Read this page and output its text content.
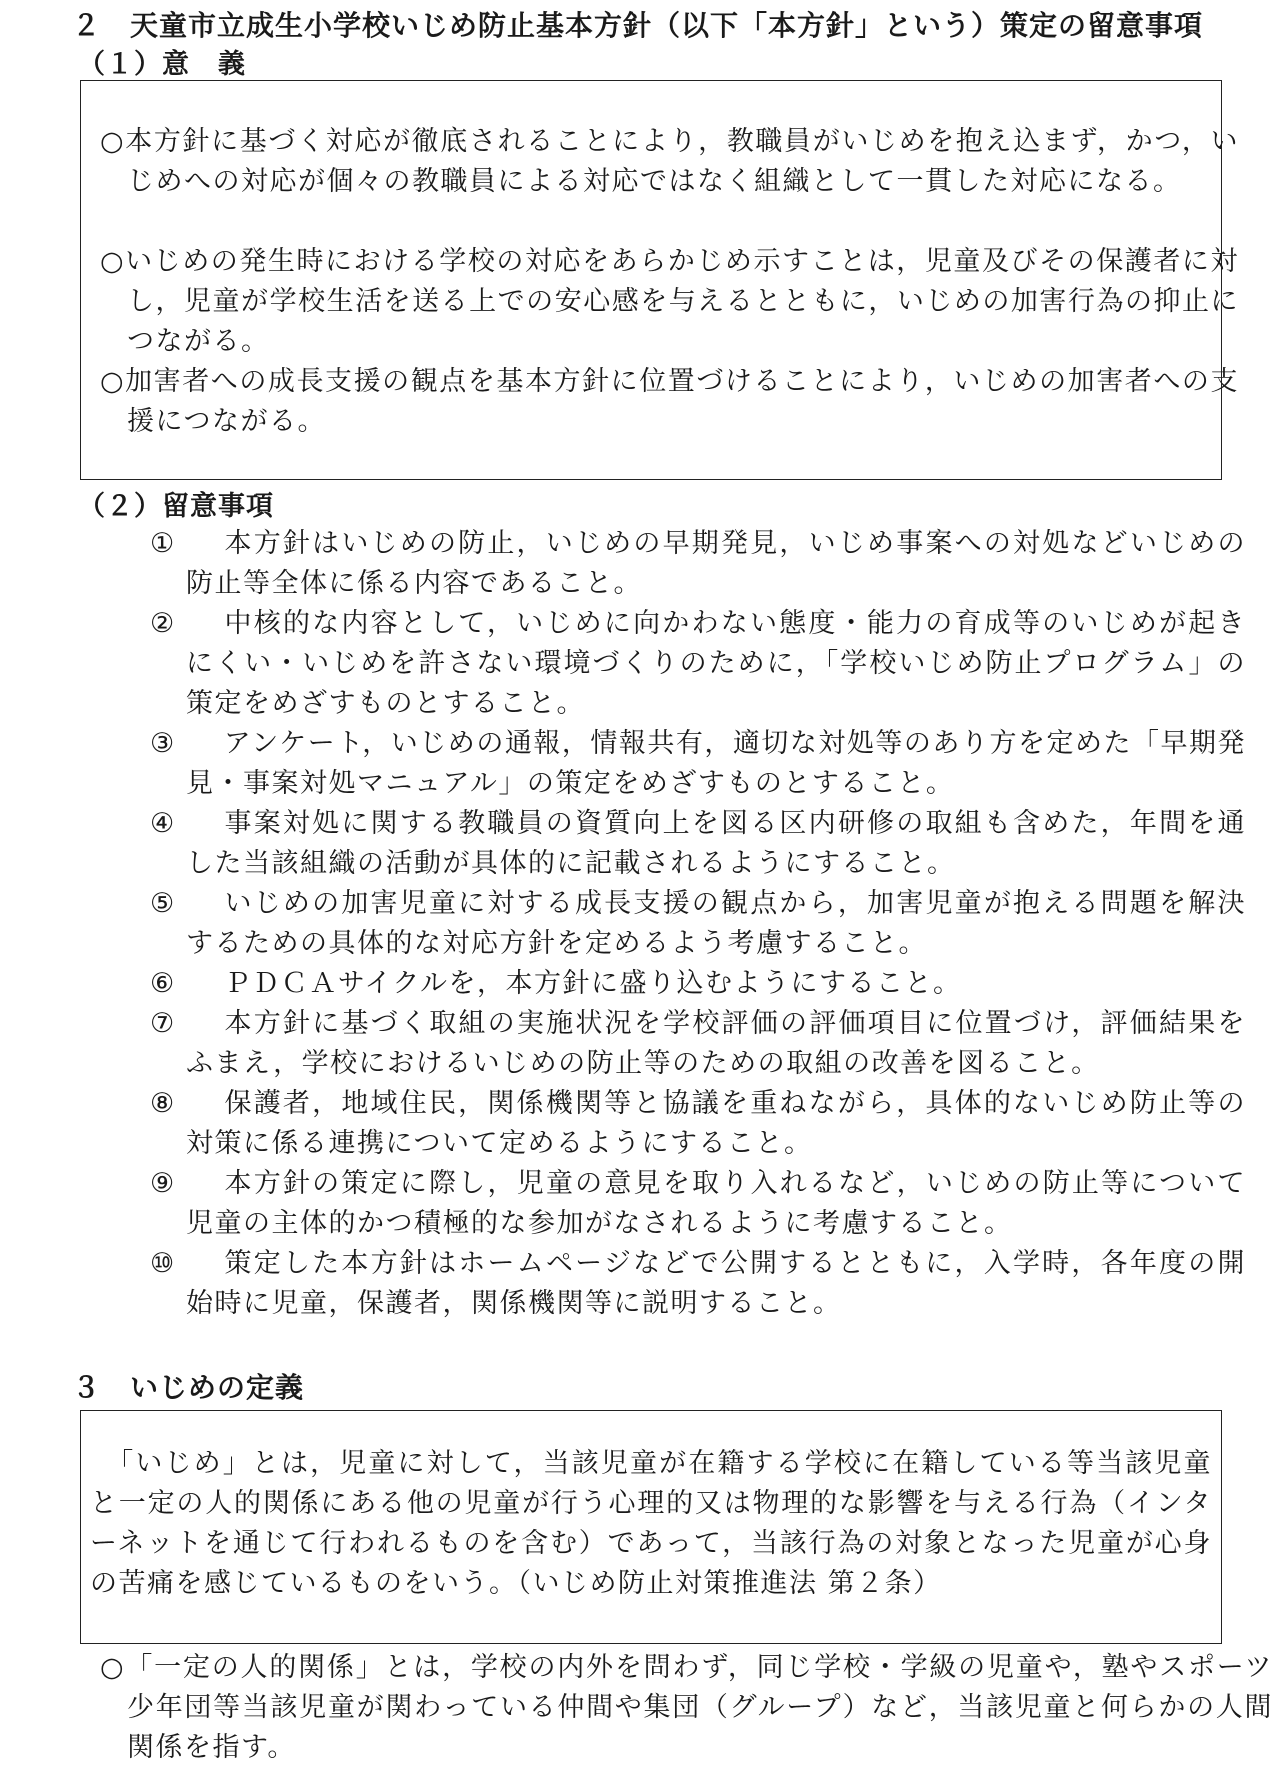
２　天童市立成生小学校いじめ防止基本方針（以下「本方針」という）策定の留意事項
（１）意　義
○本方針に基づく対応が徹底されることにより，教職員がいじめを抱え込まず，かつ，いじめへの対応が個々の教職員による対応ではなく組織として一貫した対応になる。
○いじめの発生時における学校の対応をあらかじめ示すことは，児童及びその保護者に対し，児童が学校生活を送る上での安心感を与えるとともに，いじめの加害行為の抑止につながる。
○加害者への成長支援の観点を基本方針に位置づけることにより，いじめの加害者への支援につながる。
（２）留意事項
① 本方針はいじめの防止，いじめの早期発見，いじめ事案への対処などいじめの防止等全体に係る内容であること。
② 中核的な内容として，いじめに向かわない態度・能力の育成等のいじめが起きにくい・いじめを許さない環境づくりのために，「学校いじめ防止プログラム」の策定をめざすものとすること。
③ アンケート，いじめの通報，情報共有，適切な対処等のあり方を定めた「早期発見・事案対処マニュアル」の策定をめざすものとすること。
④ 事案対処に関する教職員の資質向上を図る区内研修の取組も含めた，年間を通した当該組織の活動が具体的に記載されるようにすること。
⑤ いじめの加害児童に対する成長支援の観点から，加害児童が抱える問題を解決するための具体的な対応方針を定めるよう考慮すること。
⑥ ＰＤＣＡサイクルを，本方針に盛り込むようにすること。
⑦ 本方針に基づく取組の実施状況を学校評価の評価項目に位置づけ，評価結果をふまえ，学校におけるいじめの防止等のための取組の改善を図ること。
⑧ 保護者，地域住民，関係機関等と協議を重ねながら，具体的ないじめ防止等の対策に係る連携について定めるようにすること。
⑨ 本方針の策定に際し，児童の意見を取り入れるなど，いじめの防止等について児童の主体的かつ積極的な参加がなされるように考慮すること。
⑩ 策定した本方針はホームページなどで公開するとともに，入学時，各年度の開始時に児童，保護者，関係機関等に説明すること。
３　いじめの定義
「いじめ」とは，児童に対して，当該児童が在籍する学校に在籍している等当該児童と一定の人的関係にある他の児童が行う心理的又は物理的な影響を与える行為（インターネットを通じて行われるものを含む）であって，当該行為の対象となった児童が心身の苦痛を感じているものをいう。（いじめ防止対策推進法 第２条）
○「一定の人的関係」とは，学校の内外を問わず，同じ学校・学級の児童や，塾やスポーツ少年団等当該児童が関わっている仲間や集団（グループ）など，当該児童と何らかの人間関係を指す。
